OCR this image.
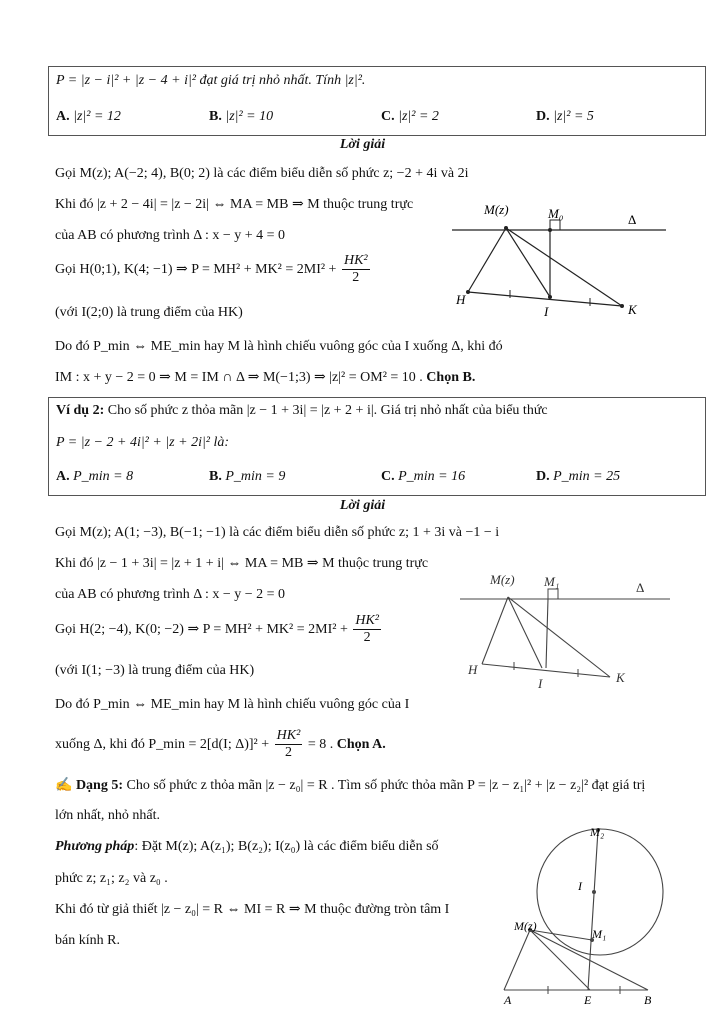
P = |z − i|² + |z − 4 + i|² đạt giá trị nhỏ nhất. Tính |z|².
A. |z|² = 12	B. |z|² = 10	C. |z|² = 2	D. |z|² = 5
Lời giải
Gọi M(z); A(−2; 4), B(0; 2) là các điểm biểu diễn số phức z; −2 + 4i và 2i
Khi đó |z + 2 − 4i| = |z − 2i| ⇔ MA = MB ⇒ M thuộc trung trực
của AB có phương trình Δ : x − y + 4 = 0
Gọi H(0;1), K(4; −1) ⇒ $P = MH^2 + MK^2 = 2MI^2 + \frac{\text{HK²}}{2}$
(với I(2;0) là trung điểm của HK)
Do đó P_min ⇔ ME_min hay M là hình chiếu vuông góc của I xuống Δ, khi đó
IM : x + y − 2 = 0 ⇒ M = IM ∩ Δ ⇒ M(−1;3) ⇒ |z|² = OM² = 10 . Chọn B.
M(z)	M₀	Δ
H
I	K
Ví dụ 2: Cho số phức z thỏa mãn |z − 1 + 3i| = |z + 2 + i|. Giá trị nhỏ nhất của biểu thức
P = |z − 2 + 4i|² + |z + 2i|² là:
A. P_min = 8	B. P_min = 9	C. P_min = 16	D. P_min = 25
Lời giải
Gọi M(z); A(1; −3), B(−1; −1) là các điểm biểu diễn số phức z; 1 + 3i và −1 − i
Khi đó |z − 1 + 3i| = |z + 1 + i| ⇔ MA = MB ⇒ M thuộc trung trực
của AB có phương trình Δ : x − y − 2 = 0
Gọi H(2; −4), K(0; −2) ⇒ $P = MH^2 + MK^2 = 2MI^2 + \frac{\text{HK²}}{2}$
(với I(1; −3) là trung điểm của HK)
Do đó P_min ⇔ ME_min hay M là hình chiếu vuông góc của I
xuống Δ, khi đó P_min = 2[d(I; $\Delta)]^2 + \frac{\text{HK²}}{2} = 8$ . Chọn A.
M(z) M₁	Δ
H
I	K
✍ Dạng 5: Cho số phức z thỏa mãn |z − z₀| = R . Tìm số phức thỏa mãn P = |z − z₁|² + |z − z₂|² đạt giá trị
lớn nhất, nhỏ nhất.
Phương pháp: Đặt M(z); A(z₁); B(z₂); I(z₀) là các điểm biểu diễn số
phức z; z₁; z₂ và z₀ .
Khi đó từ giả thiết |z − z₀| = R ⇔ MI = R ⇒ M thuộc đường tròn tâm I
bán kính R.
M₂
I
M(z)
M₁
A	E	B
